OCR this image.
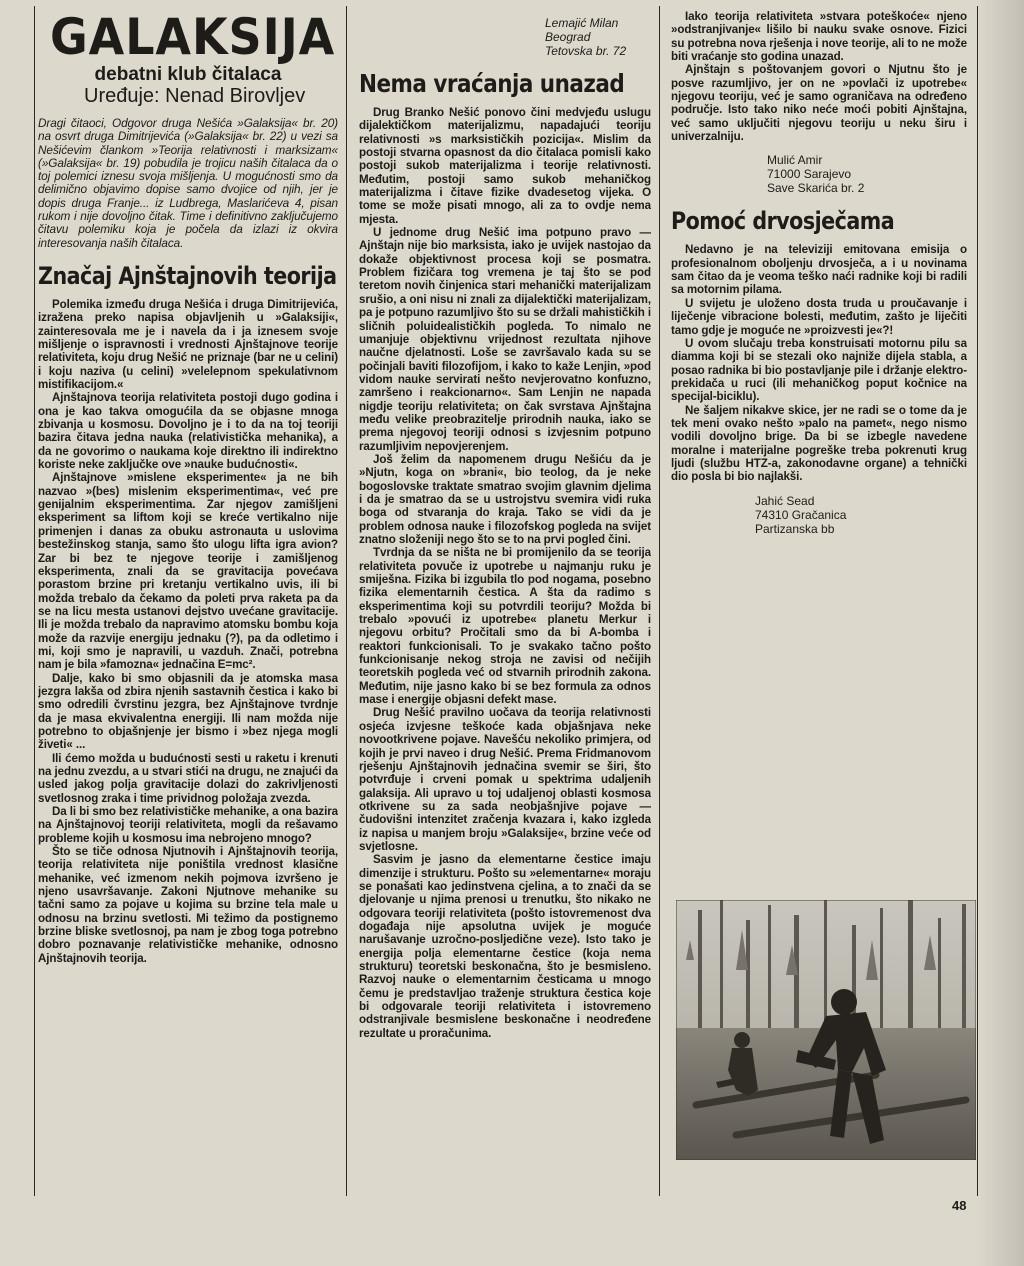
GALAKSIJA
debatni klub čitalaca
Uređuje: Nenad Birovljev

Dragi čitaoci, Odgovor druga Nešića »Galaksija« br. 20) na osvrt druga Dimitrijevića (»Galaksija« br. 22) u vezi sa Nešićevim člankom »Teorija relativnosti i marksizam« (»Galaksija« br. 19) pobudila je trojicu naših čitalaca da o toj polemici iznesu svoja mišljenja. U mogućnosti smo da delimično objavimo dopise samo dvojice od njih, jer je dopis druga Franje... iz Ludbrega, Maslarićeva 4, pisan rukom i nije dovoljno čitak. Time i definitivno zaključujemo čitavu polemiku koja je počela da izlazi iz okvira interesovanja naših čitalaca.

Značaj Ajnštajnovih teorija

Polemika između druga Nešića i druga Dimitrijevića, izražena preko napisa objavljenih u »Galaksiji«, zainteresovala me je i navela da i ja iznesem svoje mišljenje o ispravnosti i vrednosti Ajnštajnove teorije relativiteta, koju drug Nešić ne priznaje (bar ne u celini) i koju naziva (u celini) »velelepnom spekulativnom mistifikacijom.«

Ajnštajnova teorija relativiteta postoji dugo godina i ona je kao takva omogućila da se objasne mnoga zbivanja u kosmosu. Dovoljno je i to da na toj teoriji bazira čitava jedna nauka (relativistička mehanika), a da ne govorimo o naukama koje direktno ili indirektno koriste neke zaključke ove »nauke budućnosti«.

Ajnštajnove »mislene eksperimente« ja ne bih nazvao »(bes) mislenim eksperimentima«, već pre genijalnim eksperimentima. Zar njegov zamišljeni eksperiment sa liftom koji se kreće vertikalno nije primenjen i danas za obuku astronauta u uslovima bestežinskog stanja, samo što ulogu lifta igra avion? Zar bi bez te njegove teorije i zamišljenog eksperimenta, znali da se gravitacija povećava porastom brzine pri kretanju vertikalno uvis, ili bi možda trebalo da čekamo da poleti prva raketa pa da se na licu mesta ustanovi dejstvo uvećane gravitacije. Ili je možda trebalo da napravimo atomsku bombu koja može da razvije energiju jednaku (?), pa da odletimo i mi, koji smo je napravili, u vazduh. Znači, potrebna nam je bila »famozna« jednačina E=mc².

Dalje, kako bi smo objasnili da je atomska masa jezgra lakša od zbira njenih sastavnih čestica i kako bi smo odredili čvrstinu jezgra, bez Ajnštajnove tvrdnje da je masa ekvivalentna energiji. Ili nam možda nije potrebno to objašnjenje jer bismo i »bez njega mogli živeti« ...

Ili ćemo možda u budućnosti sesti u raketu i krenuti na jednu zvezdu, a u stvari stići na drugu, ne znajući da usled jakog polja gravitacije dolazi do zakrivljenosti svetlosnog zraka i time prividnog položaja zvezda.

Da li bi smo bez relativističke mehanike, a ona bazira na Ajnštajnovoj teoriji relativiteta, mogli da rešavamo probleme kojih u kosmosu ima nebrojeno mnogo?

Što se tiče odnosa Njutnovih i Ajnštajnovih teorija, teorija relativiteta nije poništila vrednost klasične mehanike, već izmenom nekih pojmova izvršeno je njeno usavršavanje. Zakoni Njutnove mehanike su tačni samo za pojave u kojima su brzine tela male u odnosu na brzinu svetlosti. Mi težimo da postignemo brzine bliske svetlosnoj, pa nam je zbog toga potrebno dobro poznavanje relativističke mehanike, odnosno Ajnštajnovih teorija.

Lemajić Milan
Beograd
Tetovska br. 72
Nema vraćanja unazad

Drug Branko Nešić ponovo čini medvjeđu uslugu dijalektičkom materijalizmu, napadajući teoriju relativnosti »s marksističkih pozicija«. Mislim da postoji stvarna opasnost da dio čitalaca pomisli kako postoji sukob materijalizma i teorije relativnosti. Međutim, postoji samo sukob mehaničkog materijalizma i čitave fizike dvadesetog vijeka. O tome se može pisati mnogo, ali za to ovdje nema mjesta.

U jednome drug Nešić ima potpuno pravo — Ajnštajn nije bio marksista, iako je uvijek nastojao da dokaže objektivnost procesa koji se posmatra. Problem fizičara tog vremena je taj što se pod teretom novih činjenica stari mehanički materijalizam srušio, a oni nisu ni znali za dijalektički materijalizam, pa je potpuno razumljivo što su se držali mahističkih i sličnih poluidealističkih pogleda. To nimalo ne umanjuje objektivnu vrijednost rezultata njihove naučne djelatnosti. Loše se završavalo kada su se počinjali baviti filozofijom, i kako to kaže Lenjin, »pod vidom nauke servirati nešto nevjerovatno konfuzno, zamršeno i reakcionarno«. Sam Lenjin ne napada nigdje teoriju relativiteta; on čak svrstava Ajnštajna među velike preobrazitelje prirodnih nauka, iako se prema njegovoj teoriji odnosi s izvjesnim potpuno razumljivim nepovjerenjem.

Još želim da napomenem drugu Nešiću da je »Njutn, koga on »brani«, bio teolog, da je neke bogoslovske traktate smatrao svojim glavnim djelima i da je smatrao da se u ustrojstvu svemira vidi ruka boga od stvaranja do kraja. Tako se vidi da je problem odnosa nauke i filozofskog pogleda na svijet znatno složeniji nego što se to na prvi pogled čini.

Tvrdnja da se ništa ne bi promijenilo da se teorija relativiteta povuče iz upotrebe u najmanju ruku je smiješna. Fizika bi izgubila tlo pod nogama, posebno fizika elementarnih čestica. A šta da radimo s eksperimentima koji su potvrdili teoriju? Možda bi trebalo »povući iz upotrebe« planetu Merkur i njegovu orbitu? Pročitali smo da bi A-bomba i reaktori funkcionisali. To je svakako tačno pošto funkcionisanje nekog stroja ne zavisi od nečijih teoretskih pogleda već od stvarnih prirodnih zakona. Međutim, nije jasno kako bi se bez formula za odnos mase i energije objasni defekt mase.

Drug Nešić pravilno uočava da teorija relativnosti osjeća izvjesne teškoće kada objašnjava neke novootkrivene pojave. Navešću nekoliko primjera, od kojih je prvi naveo i drug Nešić. Prema Fridmanovom rješenju Ajnštajnovih jednačina svemir se širi, što potvrđuje i crveni pomak u spektrima udaljenih galaksija. Ali upravo u toj udaljenoj oblasti kosmosa otkrivene su za sada neobjašnjive pojave — čudovišni intenzitet zračenja kvazara i, kako izgleda iz napisa u manjem broju »Galaksije«, brzine veće od svjetlosne.

Sasvim je jasno da elementarne čestice imaju dimenzije i strukturu. Pošto su »elementarne« moraju se ponašati kao jedinstvena cjelina, a to znači da se djelovanje u njima prenosi u trenutku, što nikako ne odgovara teoriji relativiteta (pošto istovremenost dva događaja nije apsolutna uvijek je moguće narušavanje uzročno-posljedične veze). Isto tako je energija polja elementarne čestice (koja nema strukturu) teoretski beskonačna, što je besmisleno. Razvoj nauke o elementarnim česticama u mnogo čemu je predstavljao traženje struktura čestica koje bi odgovarale teoriji relativiteta i istovremeno odstranjivale besmislene beskonačne i neodređene rezultate u proračunima.

Iako teorija relativiteta »stvara poteškoće« njeno »odstranjivanje« lišilo bi nauku svake osnove. Fizici su potrebna nova rješenja i nove teorije, ali to ne može biti vraćanje sto godina unazad.

Ajnštajn s poštovanjem govori o Njutnu što je posve razumljivo, jer on ne »povlači iz upotrebe« njegovu teoriju, već je samo ograničava na određeno područje. Isto tako niko neće moći pobiti Ajnštajna, već samo uključiti njegovu teoriju u neku širu i univerzalniju.

Mulić Amir
71000 Sarajevo
Save Skarića br. 2
Pomoć drvosječama

Nedavno je na televiziji emitovana emisija o profesionalnom oboljenju drvosječa, a i u novinama sam čitao da je veoma teško naći radnike koji bi radili sa motornim pilama.

U svijetu je uloženo dosta truda u proučavanje i liječenje vibracione bolesti, međutim, zašto je liječiti tamo gdje je moguće ne »proizvesti je«?!

U ovom slučaju treba konstruisati motornu pilu sa diamma koji bi se stezali oko najniže dijela stabla, a posao radnika bi bio postavljanje pile i držanje elektro-prekidača u ruci (ili mehaničkog poput kočnice na specijal-biciklu).

Ne šaljem nikakve skice, jer ne radi se o tome da je tek meni ovako nešto »palo na pamet«, nego nismo vodili dovoljno brige. Da bi se izbegle navedene moralne i materijalne pogreške treba pokrenuti krug ljudi (službu HTZ-a, zakonodavne organe) a tehnički dio posla bi bio najlakši.

Jahić Sead
74310 Gračanica
Partizanska bb
48
